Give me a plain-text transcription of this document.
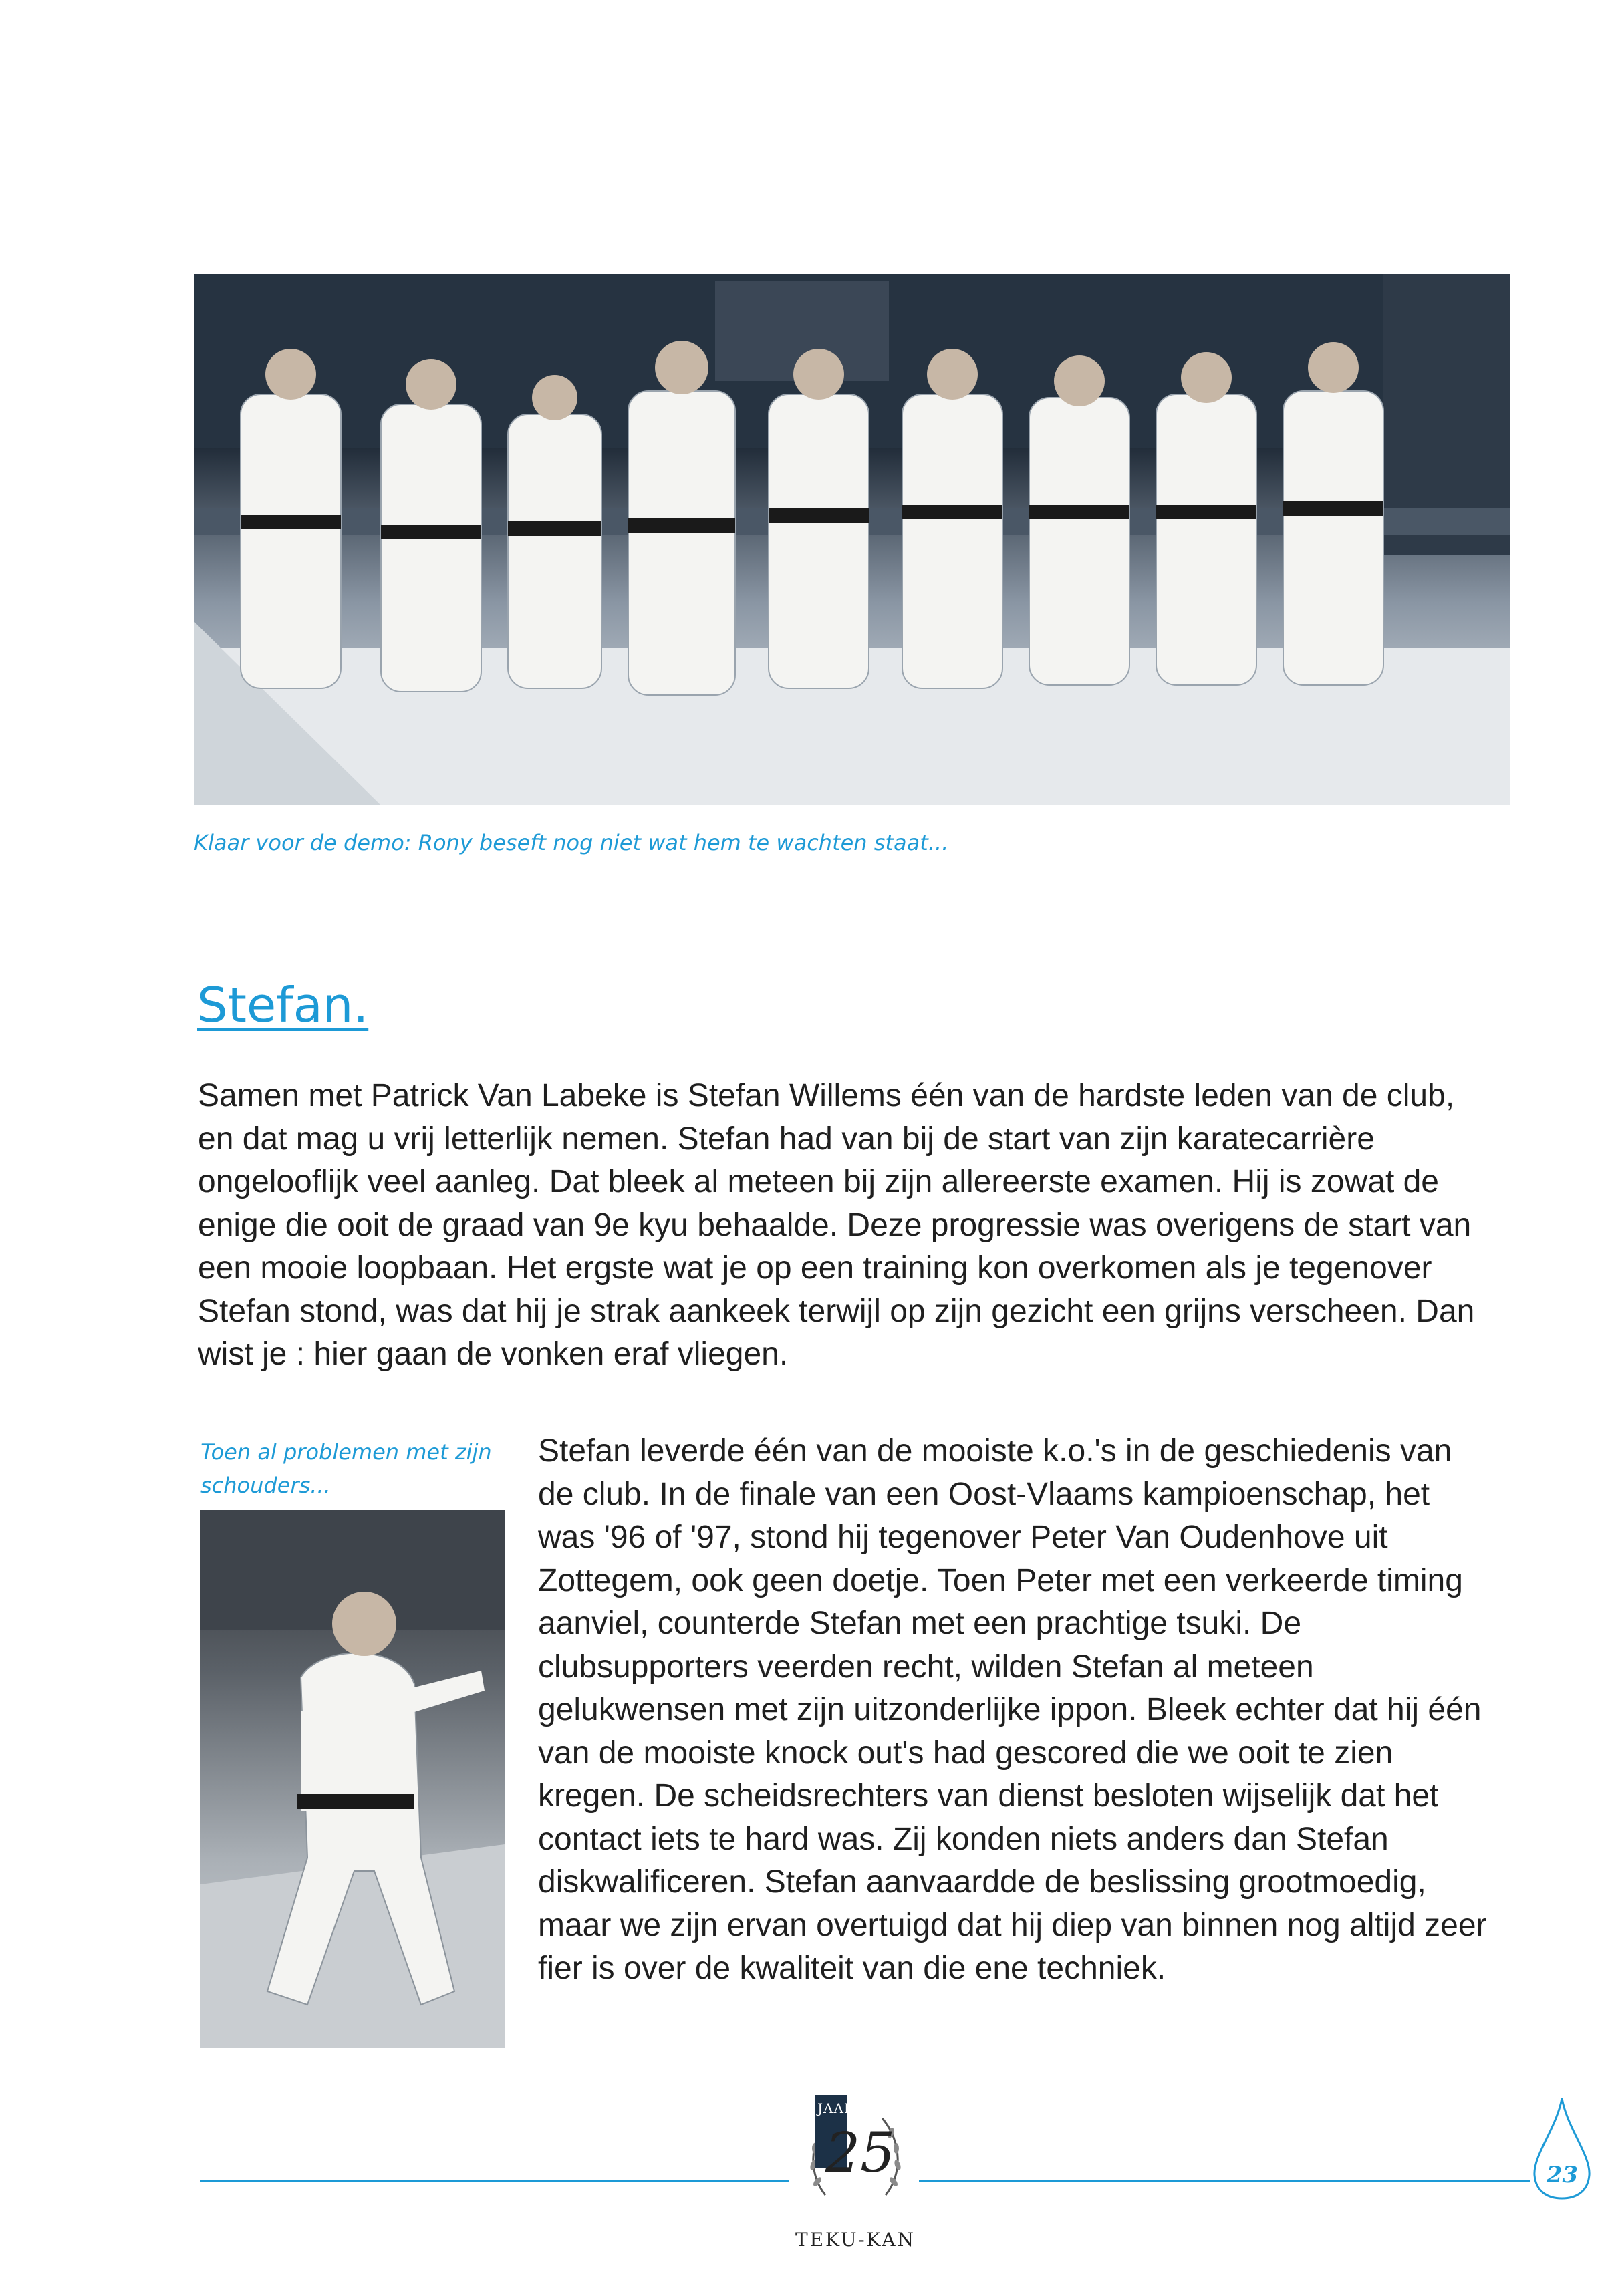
Klaar voor de demo: Rony beseft nog niet wat hem te wachten staat...
Stefan.

Samen met Patrick Van Labeke is Stefan Willems één van de hardste leden van de club, en dat mag u vrij letterlijk nemen. Stefan had van bij de start van zijn karatecarrière ongelooflijk veel aanleg. Dat bleek al meteen bij zijn allereerste examen. Hij is zowat de enige die ooit de graad van 9e kyu behaalde. Deze progressie was overigens de start van een mooie loopbaan. Het ergste wat je op een training kon overkomen als je tegenover Stefan stond, was dat hij je strak aankeek terwijl op zijn gezicht een grijns verscheen. Dan wist je : hier gaan de vonken eraf vliegen.

Toen al problemen met zijn schouders...

Stefan leverde één van de mooiste k.o.'s in de geschiedenis van de club. In de finale van een Oost-Vlaams kampioenschap, het was '96 of '97, stond hij tegenover Peter Van Oudenhove uit Zottegem, ook geen doetje. Toen Peter met een verkeerde timing aanviel, counterde Stefan met een prachtige tsuki. De clubsupporters veerden recht, wilden Stefan al meteen gelukwensen met zijn uitzonderlijke ippon. Bleek echter dat hij één van de mooiste knock out's had gescored die we ooit te zien kregen. De scheidsrechters van dienst besloten wijselijk dat het contact iets te hard was. Zij konden niets anders dan Stefan diskwalificeren. Stefan aanvaardde de beslissing grootmoedig, maar we zijn ervan overtuigd dat hij diep van binnen nog altijd zeer fier is over de kwaliteit van die ene techniek.

JAAR
25
TEKU-KAN
23
